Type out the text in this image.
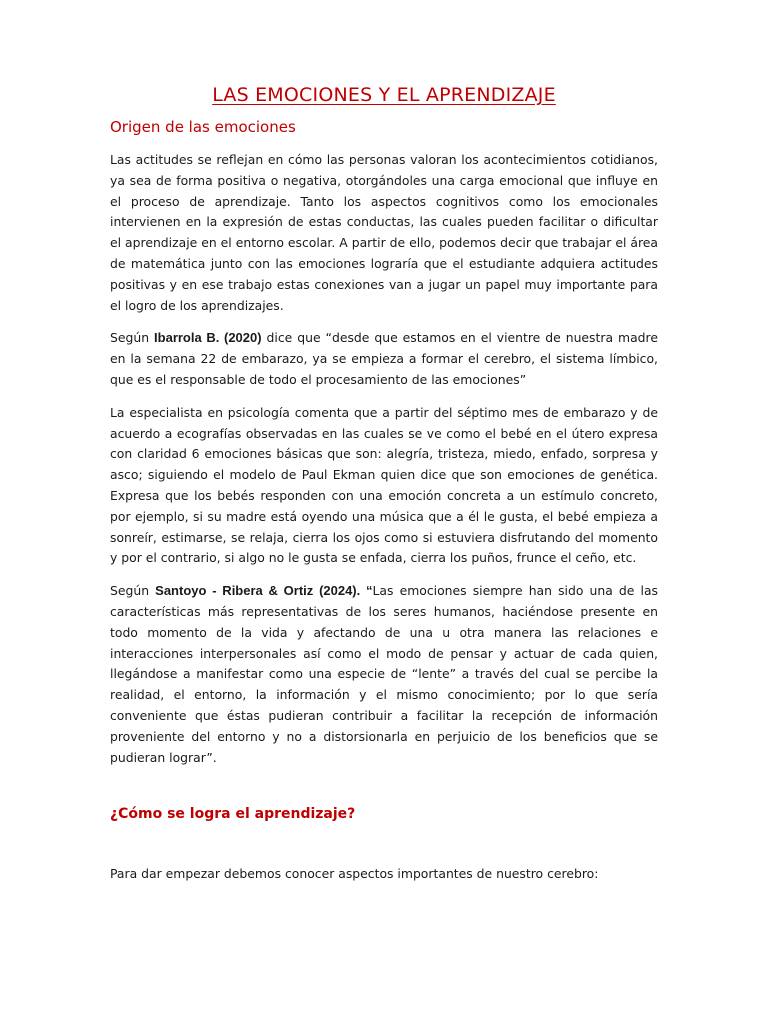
LAS EMOCIONES Y EL APRENDIZAJE
Origen de las emociones

Las actitudes se reflejan en cómo las personas valoran los acontecimientos cotidianos, ya sea de forma positiva o negativa, otorgándoles una carga emocional que influye en el proceso de aprendizaje. Tanto los aspectos cognitivos como los emocionales intervienen en la expresión de estas conductas, las cuales pueden facilitar o dificultar el aprendizaje en el entorno escolar. A partir de ello, podemos decir que trabajar el área de matemática junto con las emociones lograría que el estudiante adquiera actitudes positivas y en ese trabajo estas conexiones van a jugar un papel muy importante para el logro de los aprendizajes.

Según Ibarrola B. (2020) dice que “desde que estamos en el vientre de nuestra madre en la semana 22 de embarazo, ya se empieza a formar el cerebro, el sistema límbico, que es el responsable de todo el procesamiento de las emociones”

La especialista en psicología comenta que a partir del séptimo mes de embarazo y de acuerdo a ecografías observadas en las cuales se ve como el bebé en el útero expresa con claridad 6 emociones básicas que son: alegría, tristeza, miedo, enfado, sorpresa y asco; siguiendo el modelo de Paul Ekman quien dice que son emociones de genética. Expresa que los bebés responden con una emoción concreta a un estímulo concreto, por ejemplo, si su madre está oyendo una música que a él le gusta, el bebé empieza a sonreír, estimarse, se relaja, cierra los ojos como si estuviera disfrutando del momento y por el contrario, si algo no le gusta se enfada, cierra los puños, frunce el ceño, etc.

Según Santoyo - Ribera & Ortiz (2024). “Las emociones siempre han sido una de las características más representativas de los seres humanos, haciéndose presente en todo momento de la vida y afectando de una u otra manera las relaciones e interacciones interpersonales así como el modo de pensar y actuar de cada quien, llegándose a manifestar como una especie de “lente” a través del cual se percibe la realidad, el entorno, la información y el mismo conocimiento; por lo que sería conveniente que éstas pudieran contribuir a facilitar la recepción de información proveniente del entorno y no a distorsionarla en perjuicio de los beneficios que se pudieran lograr”.

¿Cómo se logra el aprendizaje?

Para dar empezar debemos conocer aspectos importantes de nuestro cerebro:
